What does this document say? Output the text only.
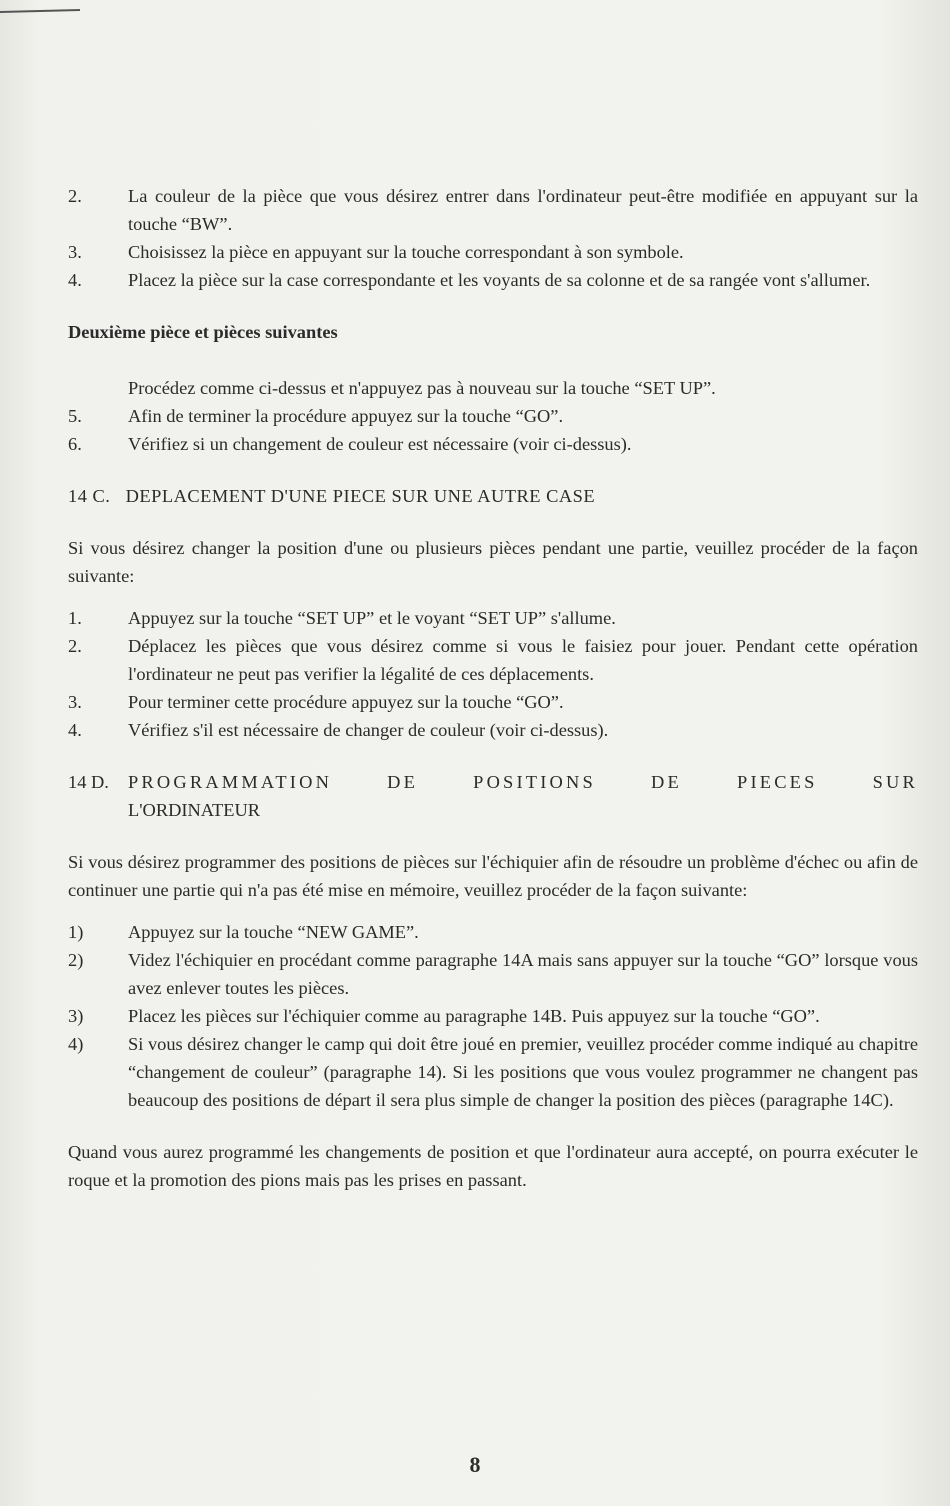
2.	La couleur de la pièce que vous désirez entrer dans l'ordinateur peut-être modifiée en appuyant sur la touche “BW”.
3.	Choisissez la pièce en appuyant sur la touche correspondant à son symbole.
4.	Placez la pièce sur la case correspondante et les voyants de sa colonne et de sa rangée vont s'allumer.

Deuxième pièce et pièces suivantes

Procédez comme ci-dessus et n'appuyez pas à nouveau sur la touche “SET UP”.

5.	Afin de terminer la procédure appuyez sur la touche “GO”.
6.	Vérifiez si un changement de couleur est nécessaire (voir ci-dessus).

14 C.   DEPLACEMENT D'UNE PIECE SUR UNE AUTRE CASE

Si vous désirez changer la position d'une ou plusieurs pièces pendant une partie, veuillez procéder de la façon suivante:

1.	Appuyez sur la touche “SET UP” et le voyant “SET UP” s'allume.
2.	Déplacez les pièces que vous désirez comme si vous le faisiez pour jouer. Pendant cette opération l'ordinateur ne peut pas verifier la légalité de ces déplacements.
3.	Pour terminer cette procédure appuyez sur la touche “GO”.
4.	Vérifiez s'il est nécessaire de changer de couleur (voir ci-dessus).
14 D.	PROGRAMMATION DE POSITIONS DE PIECES SUR
L'ORDINATEUR

Si vous désirez programmer des positions de pièces sur l'échiquier afin de résoudre un problème d'échec ou afin de continuer une partie qui n'a pas été mise en mémoire, veuillez procéder de la façon suivante:

1)	Appuyez sur la touche “NEW GAME”.
2)	Videz l'échiquier en procédant comme paragraphe 14A mais sans appuyer sur la touche “GO” lorsque vous avez enlever toutes les pièces.
3)	Placez les pièces sur l'échiquier comme au paragraphe 14B. Puis appuyez sur la touche “GO”.
4)	Si vous désirez changer le camp qui doit être joué en premier, veuillez procéder comme indiqué au chapitre “changement de couleur” (paragraphe 14). Si les positions que vous voulez programmer ne changent pas beaucoup des positions de départ il sera plus simple de changer la position des pièces (paragraphe 14C).

Quand vous aurez programmé les changements de position et que l'ordinateur aura accepté, on pourra exécuter le roque et la promotion des pions mais pas les prises en passant.

8
